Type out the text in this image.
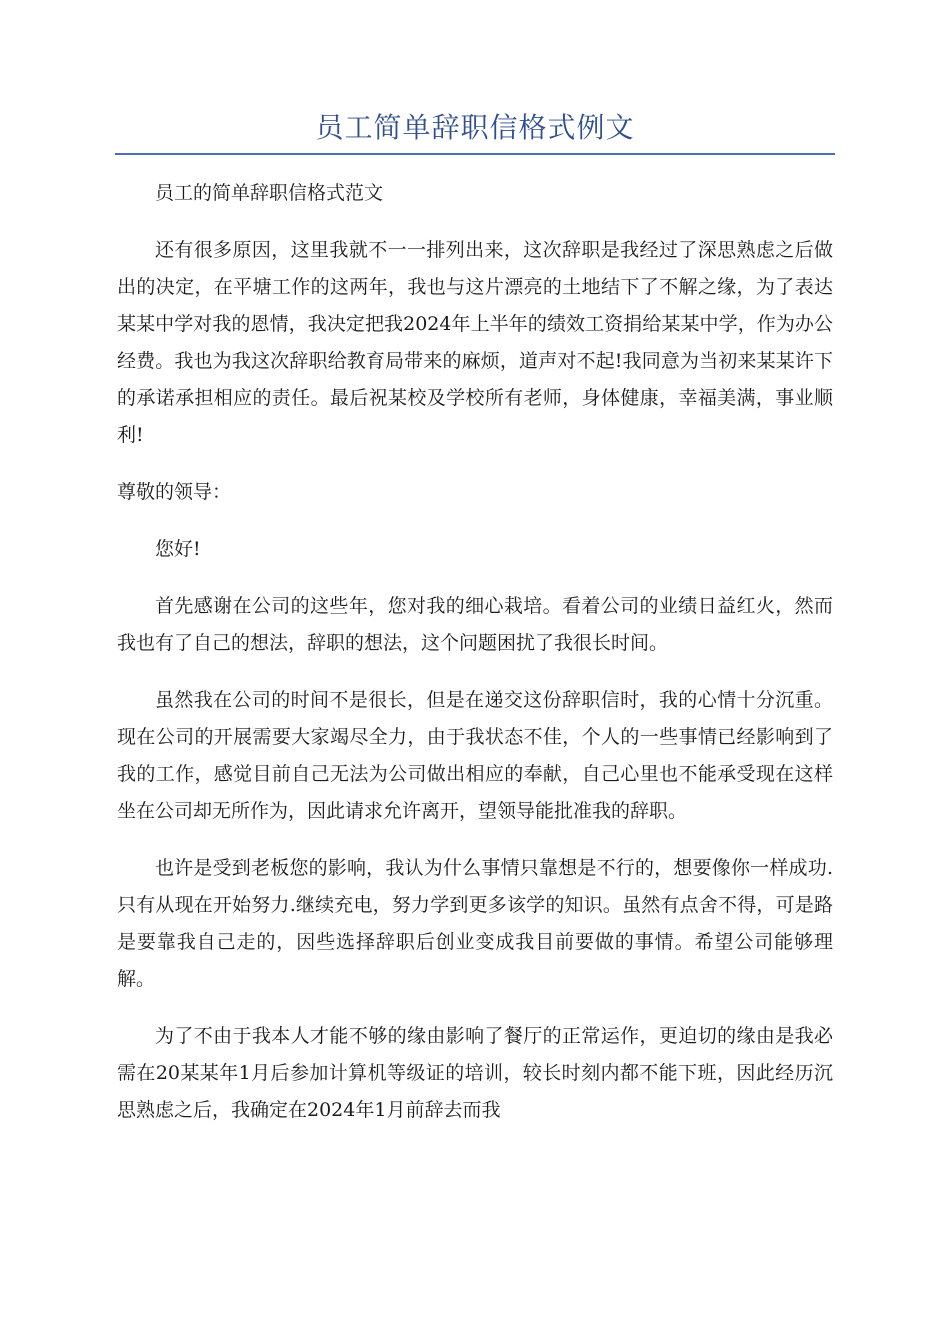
员工简单辞职信格式例文

员工的简单辞职信格式范文

还有很多原因，这里我就不一一排列出来，这次辞职是我经过了深思熟虑之后做出的决定，在平塘工作的这两年，我也与这片漂亮的土地结下了不解之缘，为了表达某某中学对我的恩情，我决定把我2024年上半年的绩效工资捐给某某中学，作为办公经费。我也为我这次辞职给教育局带来的麻烦，道声对不起!我同意为当初来某某许下的承诺承担相应的责任。最后祝某校及学校所有老师，身体健康，幸福美满，事业顺利!

尊敬的领导：

您好!

首先感谢在公司的这些年，您对我的细心栽培。看着公司的业绩日益红火，然而我也有了自己的想法，辞职的想法，这个问题困扰了我很长时间。

虽然我在公司的时间不是很长，但是在递交这份辞职信时，我的心情十分沉重。现在公司的开展需要大家竭尽全力，由于我状态不佳，个人的一些事情已经影响到了我的工作，感觉目前自己无法为公司做出相应的奉献，自己心里也不能承受现在这样坐在公司却无所作为，因此请求允许离开，望领导能批准我的辞职。

也许是受到老板您的影响，我认为什么事情只靠想是不行的，想要像你一样成功.只有从现在开始努力.继续充电，努力学到更多该学的知识。虽然有点舍不得，可是路是要靠我自己走的，因些选择辞职后创业变成我目前要做的事情。希望公司能够理解。

为了不由于我本人才能不够的缘由影响了餐厅的正常运作，更迫切的缘由是我必需在20某某年1月后参加计算机等级证的培训，较长时刻内都不能下班，因此经历沉思熟虑之后，我确定在2024年1月前辞去而我
